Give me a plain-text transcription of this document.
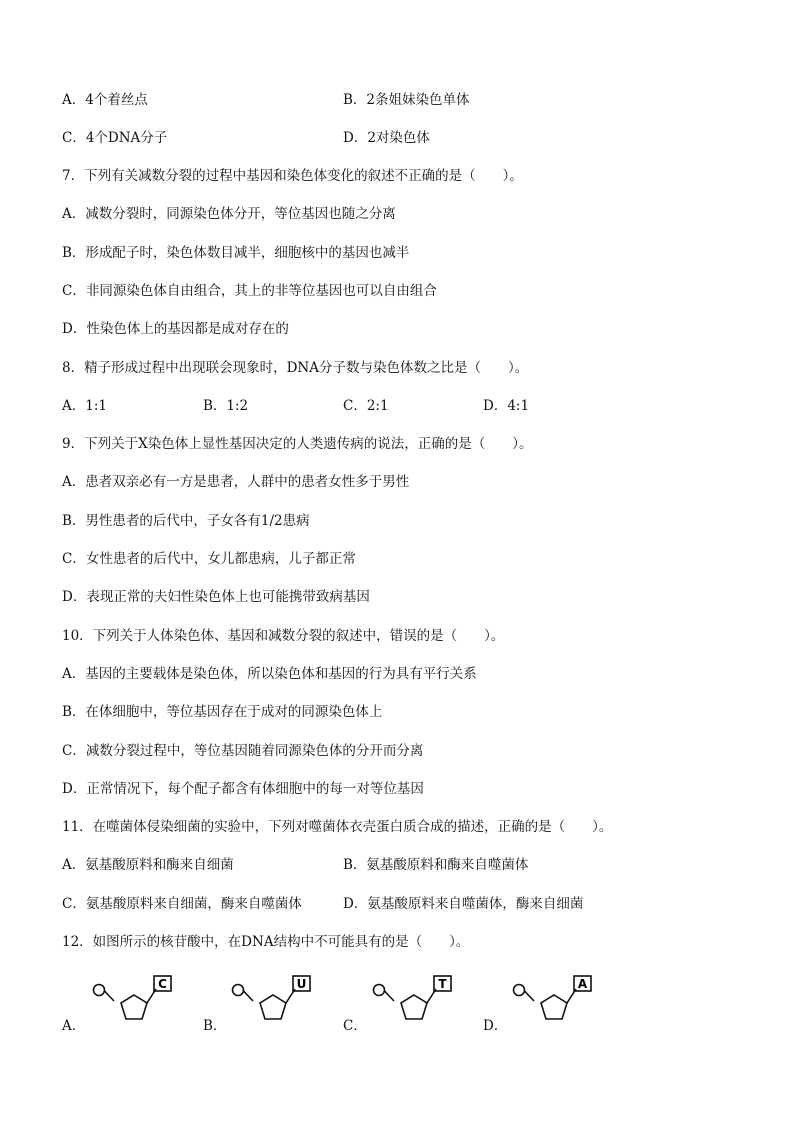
A．4个着丝点	B．2条姐妹染色单体
C．4个DNA分子	D．2对染色体
7．下列有关减数分裂的过程中基因和染色体变化的叙述不正确的是（　　）。
A．减数分裂时，同源染色体分开，等位基因也随之分离
B．形成配子时，染色体数目减半，细胞核中的基因也减半
C．非同源染色体自由组合，其上的非等位基因也可以自由组合
D．性染色体上的基因都是成对存在的
8．精子形成过程中出现联会现象时，DNA分子数与染色体数之比是（　　）。
A．1:1	B．1:2	C．2:1	D．4:1
9．下列关于X染色体上显性基因决定的人类遗传病的说法，正确的是（　　）。
A．患者双亲必有一方是患者，人群中的患者女性多于男性
B．男性患者的后代中，子女各有1/2患病
C．女性患者的后代中，女儿都患病，儿子都正常
D．表现正常的夫妇性染色体上也可能携带致病基因
10．下列关于人体染色体、基因和减数分裂的叙述中，错误的是（　　）。
A．基因的主要载体是染色体，所以染色体和基因的行为具有平行关系
B．在体细胞中，等位基因存在于成对的同源染色体上
C．减数分裂过程中，等位基因随着同源染色体的分开而分离
D．正常情况下，每个配子都含有体细胞中的每一对等位基因
11．在噬菌体侵染细菌的实验中，下列对噬菌体衣壳蛋白质合成的描述，正确的是（　　）。
A．氨基酸原料和酶来自细菌	B．氨基酸原料和酶来自噬菌体
C．氨基酸原料来自细菌，酶来自噬菌体	D．氨基酸原料来自噬菌体，酶来自细菌
12．如图所示的核苷酸中，在DNA结构中不可能具有的是（　　）。
A．	B．	C．	D．
C	U	T	A
